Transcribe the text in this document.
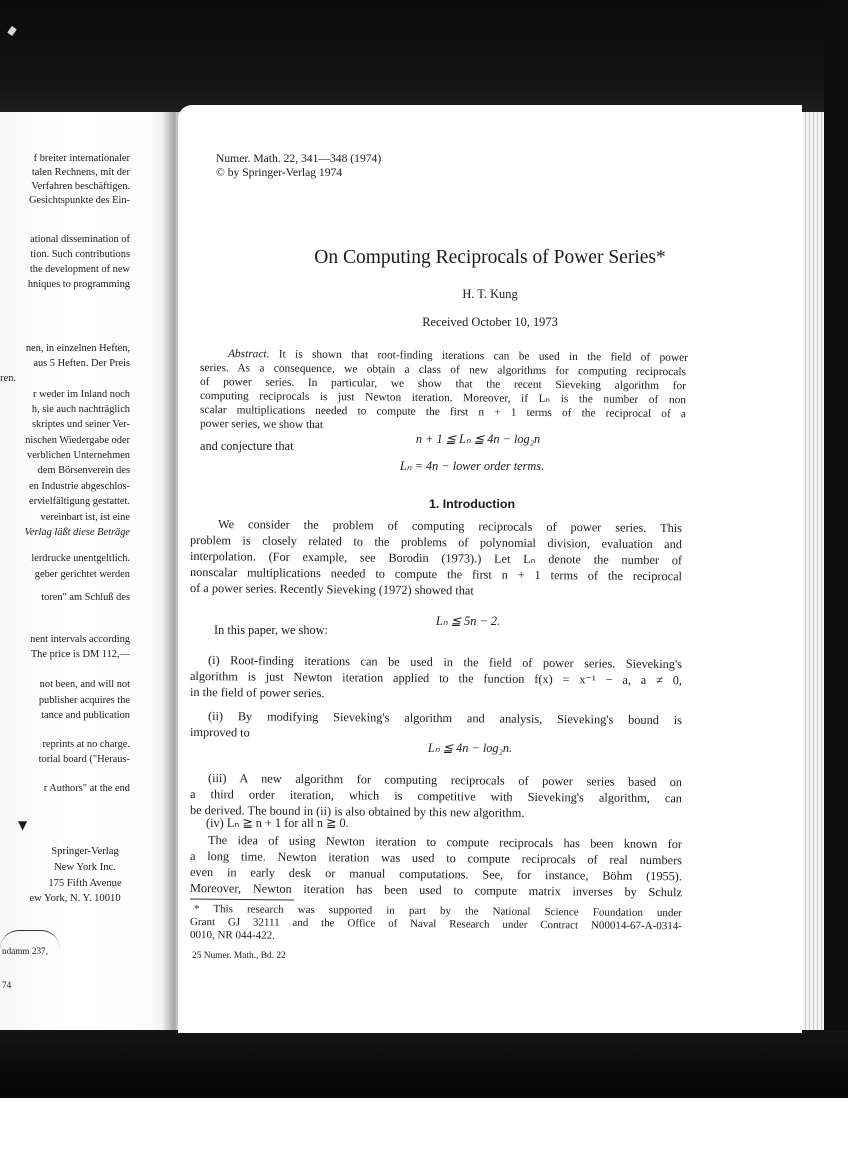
f breiter internationaler
talen Rechnens, mit der
Verfahren beschäftigen.
Gesichtspunkte des Ein-
ational dissemination of
tion. Such contributions
the development of new
hniques to programming
nen, in einzelnen Heften,
aus 5 Heften. Der Preis
ren.
r weder im Inland noch
h, sie auch nachträglich
skriptes und seiner Ver-
nischen Wiedergabe oder
verblichen Unternehmen
dem Börsenverein des
en Industrie abgeschlos-
ervielfältigung gestattet.
vereinbart ist, ist eine
Verlag läßt diese Beträge
lerdrucke unentgeltlich.
geber gerichtet werden
toren" am Schluß des
nent intervals according
The price is DM 112,—
not been, and will not
publisher acquires the
tance and publication
reprints at no charge.
torial board ("Heraus-
r Authors" at the end
▼
Springer-Verlag
New York Inc.
175 Fifth Avenue
ew York, N. Y. 10010
ndamm 237,
74
Numer. Math. 22, 341—348 (1974)
© by Springer-Verlag 1974
On Computing Reciprocals of Power Series*
H. T. Kung
Received October 10, 1973
Abstract. It is shown that root-finding iterations can be used in the field of power
series. As a consequence, we obtain a class of new algorithms for computing reciprocals
of power series. In particular, we show that the recent Sieveking algorithm for
computing reciprocals is just Newton iteration. Moreover, if Lₙ is the number of non
scalar multiplications needed to compute the first n + 1 terms of the reciprocal of a
power series, we show that
n + 1 ≦ Lₙ ≦ 4n − log₂n
and conjecture that
Lₙ = 4n − lower order terms.
1. Introduction
We consider the problem of computing reciprocals of power series. This
problem is closely related to the problems of polynomial division, evaluation and
interpolation. (For example, see Borodin (1973).) Let Lₙ denote the number of
nonscalar multiplications needed to compute the first n + 1 terms of the reciprocal
of a power series. Recently Sieveking (1972) showed that
Lₙ ≦ 5n − 2.
In this paper, we show:
(i) Root-finding iterations can be used in the field of power series. Sieveking's
algorithm is just Newton iteration applied to the function f(x) = x⁻¹ − a, a ≠ 0,
in the field of power series.
(ii) By modifying Sieveking's algorithm and analysis, Sieveking's bound is
improved to
Lₙ ≦ 4n − log₂n.
(iii) A new algorithm for computing reciprocals of power series based on
a third order iteration, which is competitive with Sieveking's algorithm, can
be derived. The bound in (ii) is also obtained by this new algorithm.
(iv) Lₙ ≧ n + 1 for all n ≧ 0.
The idea of using Newton iteration to compute reciprocals has been known for
a long time. Newton iteration was used to compute reciprocals of real numbers
even in early desk or manual computations. See, for instance, Böhm (1955).
Moreover, Newton iteration has been used to compute matrix inverses by Schulz
* This research was supported in part by the National Science Foundation under
Grant GJ 32111 and the Office of Naval Research under Contract N00014-67-A-0314-
0010, NR 044-422.
25 Numer. Math., Bd. 22
